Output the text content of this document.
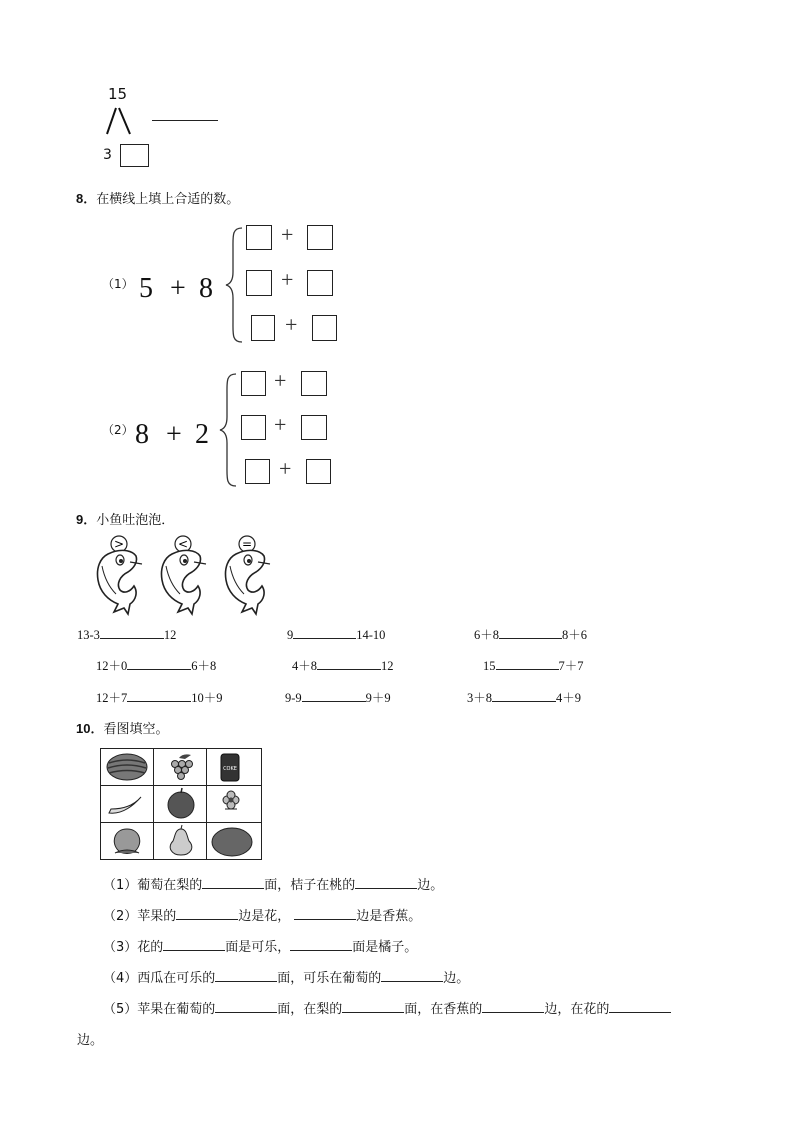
15
3
8．在横线上填上合适的数。
（1） 5 + 8
+
+
+
（2） 8 + 2
+
+
+
9．小鱼吐泡泡．
>	<	=
13-3	12	9	14-10	6＋8	8＋6
12＋0	6＋8	4＋8	12	15	7＋7
12＋7	10＋9	9-9	9＋9	3＋8	4＋9
10．看图填空。
COKE
（1）葡萄在梨的	面，桔子在桃的	边。
（2）苹果的	边是花，	边是香蕉。
（3）花的	面是可乐，	面是橘子。
（4）西瓜在可乐的	面，可乐在葡萄的	边。
（5）苹果在葡萄的	面，在梨的	面，在香蕉的	边，在花的
边。
